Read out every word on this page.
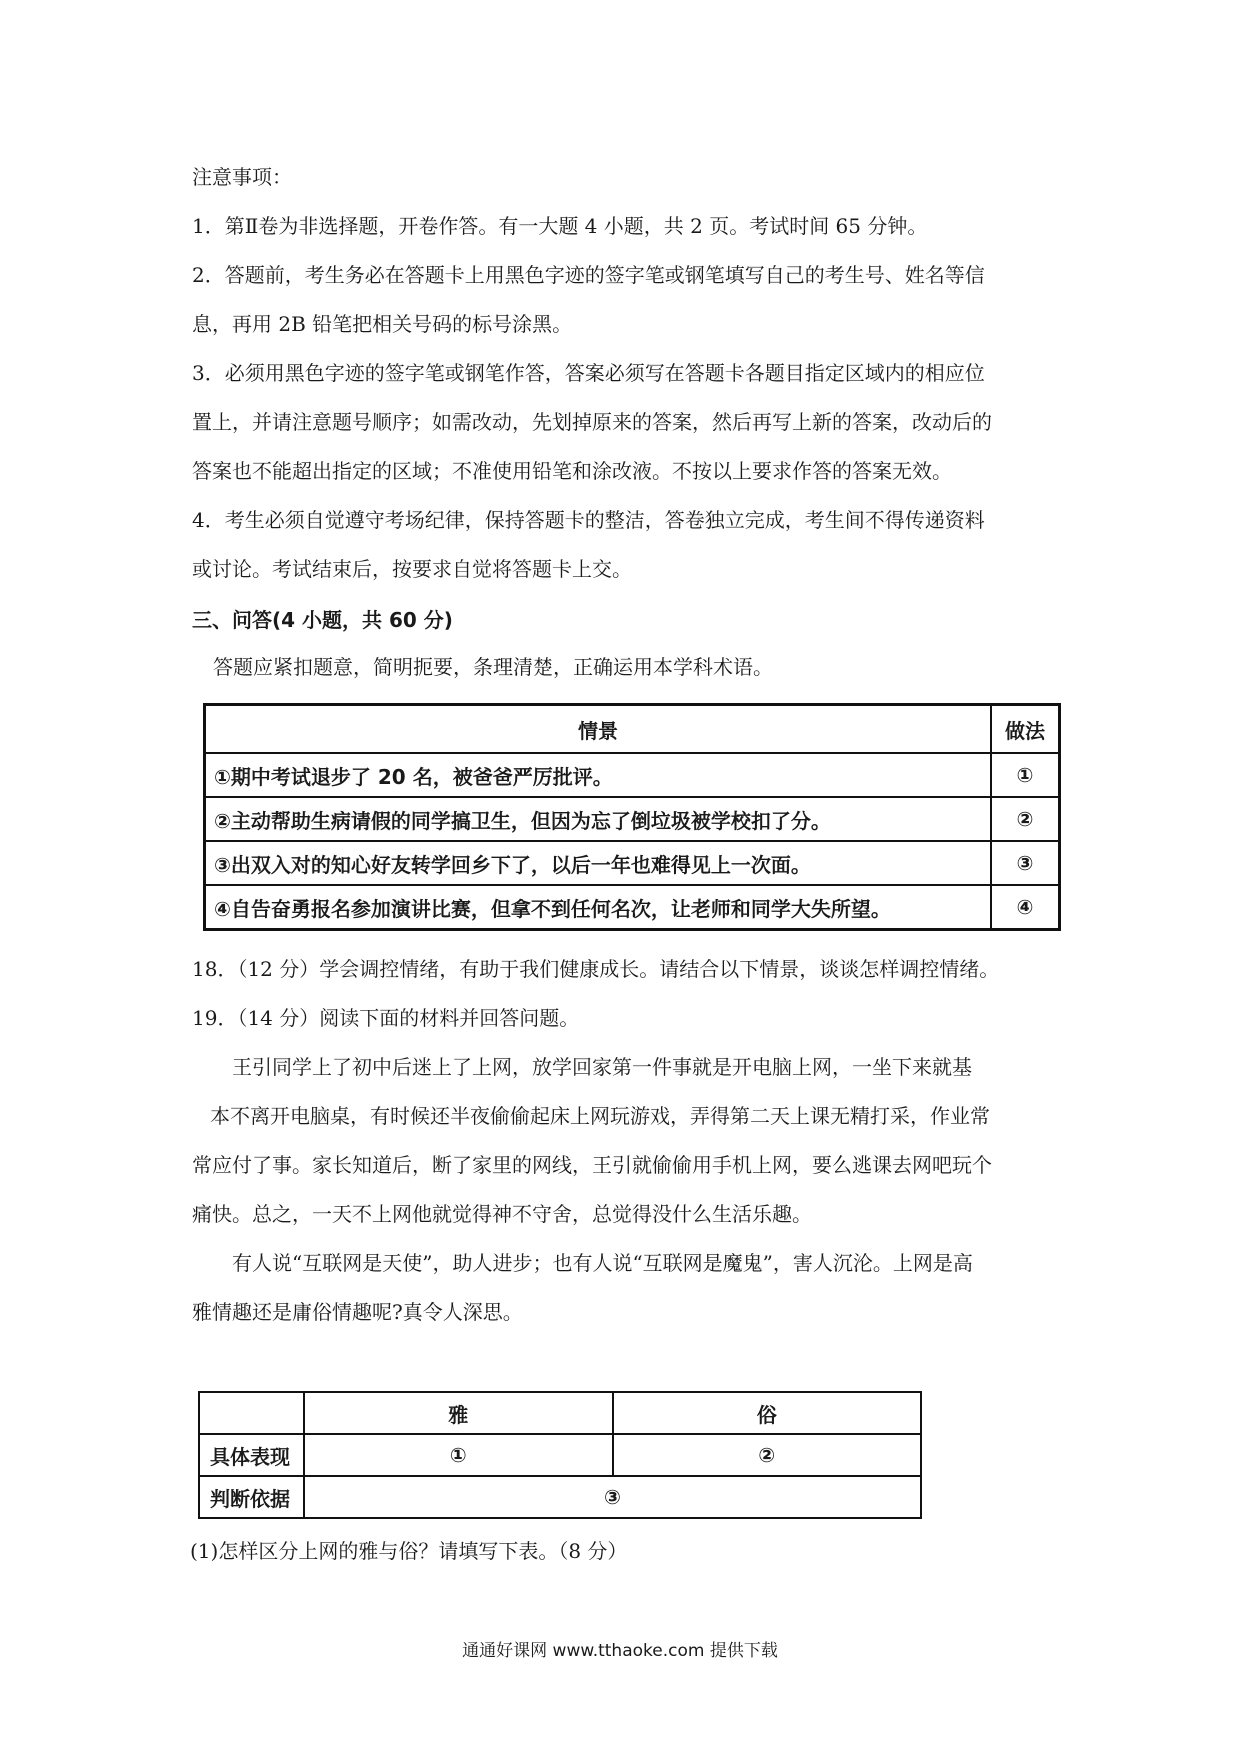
注意事项：

1．第Ⅱ卷为非选择题，开卷作答。有一大题 4 小题，共 2 页。考试时间 65 分钟。

2．答题前，考生务必在答题卡上用黑色字迹的签字笔或钢笔填写自己的考生号、姓名等信

息，再用 2B 铅笔把相关号码的标号涂黑。

3．必须用黑色字迹的签字笔或钢笔作答，答案必须写在答题卡各题目指定区域内的相应位

置上，并请注意题号顺序；如需改动，先划掉原来的答案，然后再写上新的答案，改动后的

答案也不能超出指定的区域；不准使用铅笔和涂改液。不按以上要求作答的答案无效。

4．考生必须自觉遵守考场纪律，保持答题卡的整洁，答卷独立完成，考生间不得传递资料

或讨论。考试结束后，按要求自觉将答题卡上交。

三、问答(4 小题，共 60 分)

答题应紧扣题意，简明扼要，条理清楚，正确运用本学科术语。

情景	做法
①期中考试退步了 20 名，被爸爸严厉批评。	①
②主动帮助生病请假的同学搞卫生，但因为忘了倒垃圾被学校扣了分。	②
③出双入对的知心好友转学回乡下了，以后一年也难得见上一次面。	③
④自告奋勇报名参加演讲比赛，但拿不到任何名次，让老师和同学大失所望。	④

18．（12 分）学会调控情绪，有助于我们健康成长。请结合以下情景，谈谈怎样调控情绪。

19．（14 分）阅读下面的材料并回答问题。

王引同学上了初中后迷上了上网，放学回家第一件事就是开电脑上网，一坐下来就基

本不离开电脑桌，有时候还半夜偷偷起床上网玩游戏，弄得第二天上课无精打采，作业常

常应付了事。家长知道后，断了家里的网线，王引就偷偷用手机上网，要么逃课去网吧玩个

痛快。总之，一天不上网他就觉得神不守舍，总觉得没什么生活乐趣。

有人说“互联网是天使”，助人进步；也有人说“互联网是魔鬼”，害人沉沦。上网是高

雅情趣还是庸俗情趣呢?真令人深思。

	雅	俗
具体表现	①	②
判断依据	③	

(1)怎样区分上网的雅与俗？请填写下表。（8 分）

通通好课网 www.tthaoke.com 提供下载
